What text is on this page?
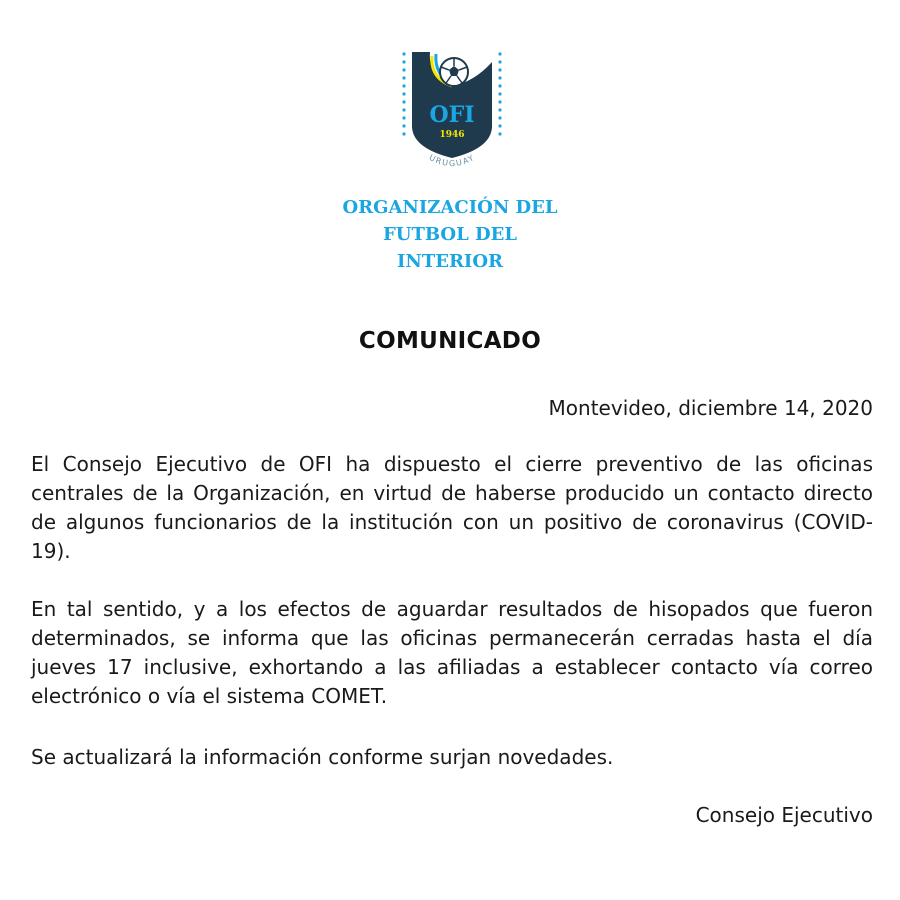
OFI
1946
URUGUAY
ORGANIZACIÓN DEL
FUTBOL DEL
INTERIOR
COMUNICADO
Montevideo, diciembre 14, 2020

El Consejo Ejecutivo de OFI ha dispuesto el cierre preventivo de las oficinas centrales de la Organización, en virtud de haberse producido un contacto directo de algunos funcionarios de la institución con un positivo de coronavirus (COVID-19).

En tal sentido, y a los efectos de aguardar resultados de hisopados que fueron determinados, se informa que las oficinas permanecerán cerradas hasta el día jueves 17 inclusive, exhortando a las afiliadas a establecer contacto vía correo electrónico o vía el sistema COMET.

Se actualizará la información conforme surjan novedades.

Consejo Ejecutivo
